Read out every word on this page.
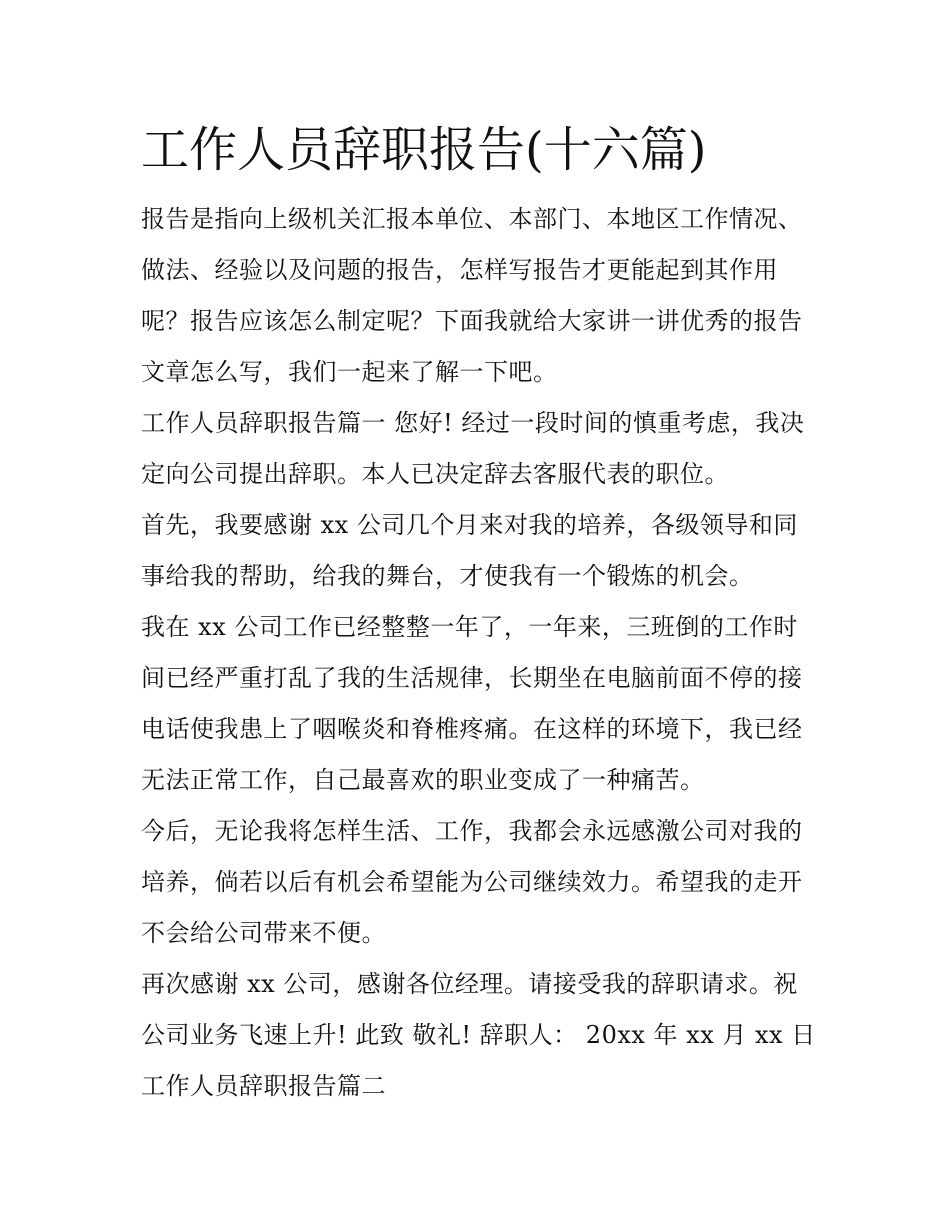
工作人员辞职报告(十六篇)

报告是指向上级机关汇报本单位、本部门、本地区工作情况、做法、经验以及问题的报告，怎样写报告才更能起到其作用呢？报告应该怎么制定呢？下面我就给大家讲一讲优秀的报告文章怎么写，我们一起来了解一下吧。

工作人员辞职报告篇一 您好! 经过一段时间的慎重考虑，我决定向公司提出辞职。本人已决定辞去客服代表的职位。

首先，我要感谢 xx 公司几个月来对我的培养，各级领导和同事给我的帮助，给我的舞台，才使我有一个锻炼的机会。

我在 xx 公司工作已经整整一年了，一年来，三班倒的工作时间已经严重打乱了我的生活规律，长期坐在电脑前面不停的接电话使我患上了咽喉炎和脊椎疼痛。在这样的环境下，我已经无法正常工作，自己最喜欢的职业变成了一种痛苦。

今后，无论我将怎样生活、工作，我都会永远感激公司对我的培养，倘若以后有机会希望能为公司继续效力。希望我的走开不会给公司带来不便。

再次感谢 xx 公司，感谢各位经理。请接受我的辞职请求。祝公司业务飞速上升! 此致 敬礼! 辞职人： 20xx 年 xx 月 xx 日 工作人员辞职报告篇二
